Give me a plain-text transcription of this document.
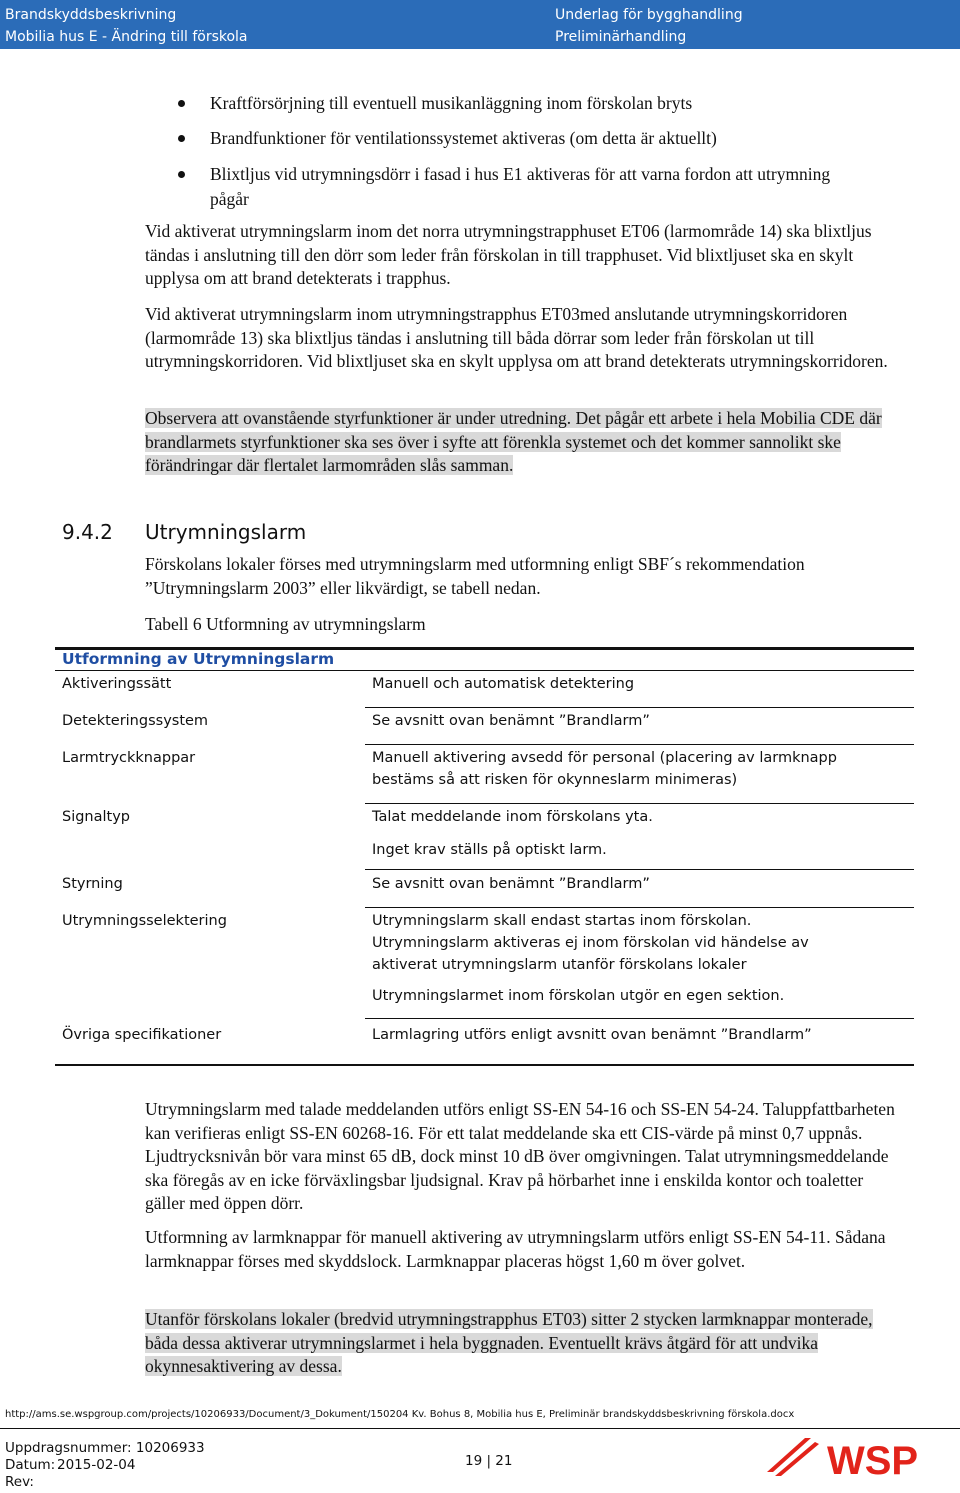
Brandskyddsbeskrivning
Mobilia hus E - Ändring till förskola
Underlag för bygghandling
Preliminärhandling
Kraftförsörjning till eventuell musikanläggning inom förskolan bryts
Brandfunktioner för ventilationssystemet aktiveras (om detta är aktuellt)
Blixtljus vid utrymningsdörr i fasad i hus E1 aktiveras för att varna fordon att utrymning pågår
Vid aktiverat utrymningslarm inom det norra utrymningstrapphuset ET06 (larmområde 14) ska blixtljus tändas i anslutning till den dörr som leder från förskolan in till trapphuset. Vid blixtljuset ska en skylt upplysa om att brand detekterats i trapphus.
Vid aktiverat utrymningslarm inom utrymningstrapphus ET03med anslutande utrymningskorridoren (larmområde 13) ska blixtljus tändas i anslutning till båda dörrar som leder från förskolan ut till utrymningskorridoren. Vid blixtljuset ska en skylt upplysa om att brand detekterats utrymningskorridoren.
Observera att ovanstående styrfunktioner är under utredning. Det pågår ett arbete i hela Mobilia CDE där brandlarmets styrfunktioner ska ses över i syfte att förenkla systemet och det kommer sannolikt ske förändringar där flertalet larmområden slås samman.
9.4.2 Utrymningslarm
Förskolans lokaler förses med utrymningslarm med utformning enligt SBF´s rekommendation ”Utrymningslarm 2003” eller likvärdigt, se tabell nedan.
Tabell 6 Utformning av utrymningslarm
Utformning av Utrymningslarm
Aktiveringssätt	Manuell och automatisk detektering
Detekteringssystem	Se avsnitt ovan benämnt ”Brandlarm”
Larmtryckknappar	Manuell aktivering avsedd för personal (placering av larmknapp bestäms så att risken för okynneslarm minimeras)
Signaltyp	Talat meddelande inom förskolans yta.
Inget krav ställs på optiskt larm.
Styrning	Se avsnitt ovan benämnt ”Brandlarm”
Utrymningsselektering	Utrymningslarm skall endast startas inom förskolan. Utrymningslarm aktiveras ej inom förskolan vid händelse av aktiverat utrymningslarm utanför förskolans lokaler
Utrymningslarmet inom förskolan utgör en egen sektion.
Övriga specifikationer	Larmlagring utförs enligt avsnitt ovan benämnt ”Brandlarm”
Utrymningslarm med talade meddelanden utförs enligt SS-EN 54-16 och SS-EN 54-24. Taluppfattbarheten kan verifieras enligt SS-EN 60268-16. För ett talat meddelande ska ett CIS-värde på minst 0,7 uppnås. Ljudtrycksnivån bör vara minst 65 dB, dock minst 10 dB över omgivningen. Talat utrymningsmeddelande ska föregås av en icke förväxlingsbar ljudsignal. Krav på hörbarhet inne i enskilda kontor och toaletter gäller med öppen dörr.
Utformning av larmknappar för manuell aktivering av utrymningslarm utförs enligt SS-EN 54-11. Sådana larmknappar förses med skyddslock. Larmknappar placeras högst 1,60 m över golvet.
Utanför förskolans lokaler (bredvid utrymningstrapphus ET03) sitter 2 stycken larmknappar monterade, båda dessa aktiverar utrymningslarmet i hela byggnaden. Eventuellt krävs åtgärd för att undvika okynnesaktivering av dessa.
http://ams.se.wspgroup.com/projects/10206933/Document/3_Dokument/150204 Kv. Bohus 8, Mobilia hus E, Preliminär brandskyddsbeskrivning förskola.docx
Uppdragsnummer: 10206933
Datum: 2015-02-04
Rev:
19 | 21	WSP
